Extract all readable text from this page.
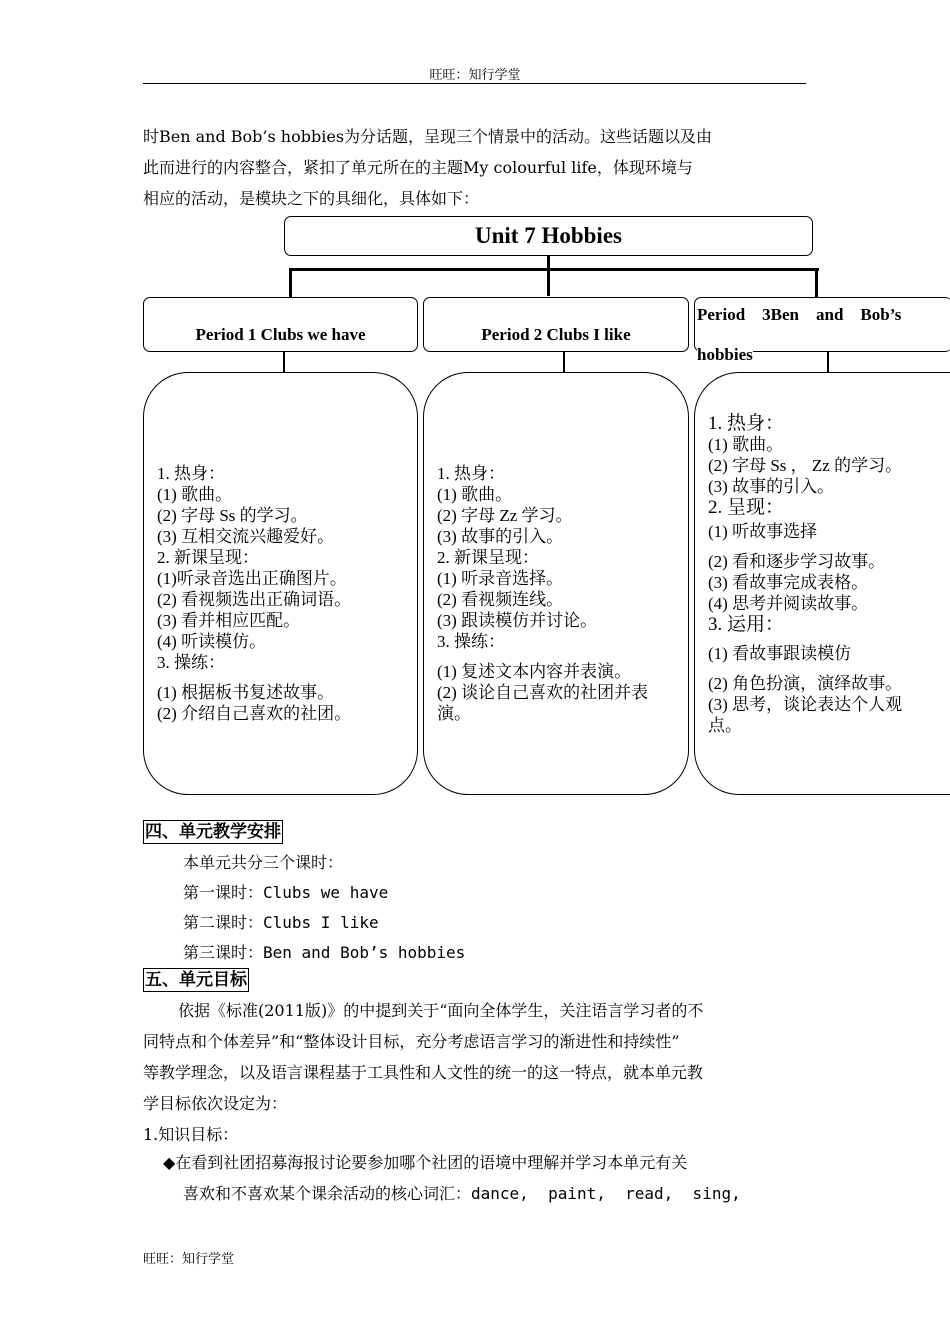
旺旺：知行学堂
时Ben and Bob’s hobbies为分话题，呈现三个情景中的活动。这些话题以及由
此而进行的内容整合，紧扣了单元所在的主题My colourful life，体现环境与
相应的活动，是模块之下的具细化，具体如下：
Unit 7 Hobbies
Period 1 Clubs we have	Period 2 Clubs I like
Period    3Ben    and    Bob’s
hobbies
1. 热身：
(1) 歌曲。
(2) 字母 Ss 的学习。
(3) 互相交流兴趣爱好。
2. 新课呈现：
(1)听录音选出正确图片。
(2) 看视频选出正确词语。
(3) 看并相应匹配。
(4) 听读模仿。
3. 操练：
(1) 根据板书复述故事。
(2) 介绍自己喜欢的社团。
1. 热身：
(1) 歌曲。
(2) 字母 Zz 学习。
(3) 故事的引入。
2. 新课呈现：
(1) 听录音选择。
(2) 看视频连线。
(3) 跟读模仿并讨论。
3. 操练：
(1) 复述文本内容并表演。
(2) 谈论自己喜欢的社团并表
演。
1. 热身：
(1) 歌曲。
(2) 字母 Ss ， Zz 的学习。
(3) 故事的引入。
2. 呈现：
(1) 听故事选择
(2) 看和逐步学习故事。
(3) 看故事完成表格。
(4) 思考并阅读故事。
3. 运用：
(1) 看故事跟读模仿
(2) 角色扮演，演绎故事。
(3) 思考，谈论表达个人观
点。
四、单元教学安排
本单元共分三个课时：
第一课时：Clubs we have
第二课时：Clubs I like
第三课时：Ben and Bob’s hobbies
五、单元目标
依据《标准(2011版)》的中提到关于“面向全体学生，关注语言学习者的不
同特点和个体差异”和“整体设计目标，充分考虑语言学习的渐进性和持续性”
等教学理念，以及语言课程基于工具性和人文性的统一的这一特点，就本单元教
学目标依次设定为：
1.知识目标：
◆在看到社团招募海报讨论要参加哪个社团的语境中理解并学习本单元有关
喜欢和不喜欢某个课余活动的核心词汇：dance,  paint,  read,  sing,
旺旺：知行学堂
